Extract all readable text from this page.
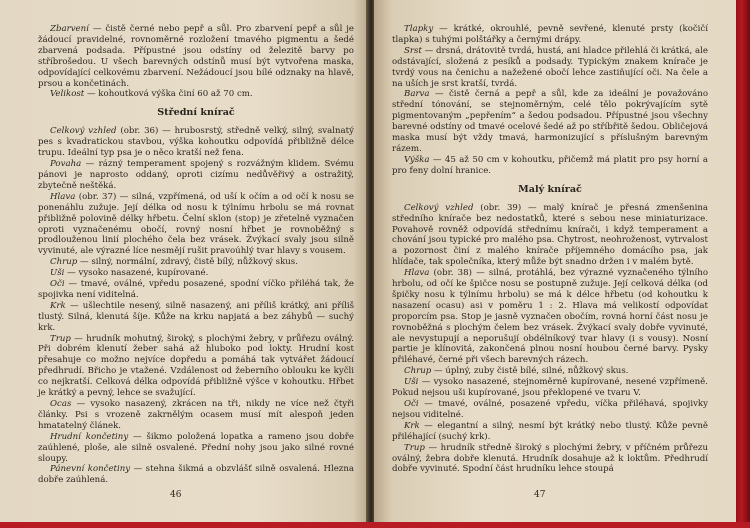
Zbarvení — čistě černé nebo pepř a sůl. Pro zbarvení pepř a sůl je žádoucí pravidelné, rovnoměrné rozložení tmavého pigmentu a šedé zbarvená podsada. Přípustné jsou odstíny od železitě barvy po stříbrošedou. U všech barevných odstínů musí být vytvořena maska, odpovídající celkovému zbarvení. Nežádoucí jsou bílé odznaky na hlavě, prsou a končetinách.

Velikost — kohoutková výška činí 60 až 70 cm.

Střední knírač

Celkový vzhled (obr. 36) — hrubosrstý, středně velký, silný, svalnatý pes s kvadratickou stavbou, výška kohoutku odpovídá přibližně délce trupu. Ideální typ psa je o něco kratší než fena.

Povaha — rázný temperament spojený s rozvážným klidem. Svému pánovi je naprosto oddaný, oproti cizímu nedůvěřivý a ostražitý, zbytečně neštěká.

Hlava (obr. 37) — silná, vzpřímená, od uší k očím a od očí k nosu se ponenáhlu zužuje. Její délka od nosu k týlnímu hrbolu se má rovnat přibližně polovině délky hřbetu. Čelní sklon (stop) je zřetelně vyznačen oproti vyznačenému obočí, rovný nosní hřbet je rovnoběžný s prodlouženou linií plochého čela bez vrásek. Žvýkací svaly jsou silně vyvinuté, ale výrazné líce nesmějí rušit pravoúhlý tvar hlavy s vousem.

Chrup — silný, normální, zdravý, čistě bílý, nůžkový skus.

Uši — vysoko nasazené, kupírované.

Oči — tmavé, oválné, vpředu posazené, spodní víčko přiléhá tak, že spojivka není viditelná.

Krk — ušlechtile nesený, silně nasazený, ani příliš krátký, ani příliš tlustý. Silná, klenutá šíje. Kůže na krku napjatá a bez záhybů — suchý krk.

Trup — hrudník mohutný, široký, s plochými žebry, v průřezu oválný. Při dobrém klenutí žeber sahá až hluboko pod lokty. Hrudní kost přesahuje co možno nejvíce dopředu a pomáhá tak vytvářet žádoucí předhrudí. Břicho je vtažené. Vzdálenost od žeberního oblouku ke kyčli co nejkratší. Celková délka odpovídá přibližně výšce v kohoutku. Hřbet je krátký a pevný, lehce se svažující.

Ocas — vysoko nasazený, zkrácen na tři, nikdy ne více než čtyři články. Psi s vrozeně zakrnělým ocasem musí mít alespoň jeden hmatatelný článek.

Hrudní končetiny — šikmo položená lopatka a rameno jsou dobře zaúhlené, ploše, ale silně osvalené. Přední nohy jsou jako silné rovné sloupy.

Pánevní končetiny — stehna šikmá a obzvlášť silně osvalená. Hlezna dobře zaúhlená.

46

Tlapky — krátké, okrouhlé, pevně sevřené, klenuté prsty (kočičí tlapka) s tuhými polštářky a černými drápy.

Srst — drsná, drátovitě tvrdá, hustá, ani hladce přilehlá či krátká, ale odstávající, složená z pesíků a podsady. Typickým znakem knírače je tvrdý vous na čenichu a nažežené obočí lehce zastiňující oči. Na čele a na uších je srst kratší, tvrdá.

Barva — čistě černá a pepř a sůl, kde za ideální je považováno střední tónování, se stejnoměrným, celé tělo pokrývajícím sytě pigmentovaným „pepřením“ a šedou podsadou. Přípustné jsou všechny barevné odstíny od tmavé ocelové šedé až po stříbřitě šedou. Obličejová maska musí být vždy tmavá, harmonizující s příslušným barevným rázem.

Výška — 45 až 50 cm v kohoutku, přičemž má platit pro psy horní a pro feny dolní hranice.

Malý knírač

Celkový vzhled (obr. 39) — malý knírač je přesná zmenšenina středního knírače bez nedostatků, které s sebou nese miniaturizace. Povahově rovněž odpovídá střednímu knírači, i když temperament a chování jsou typické pro malého psa. Chytrost, neohroženost, vytrvalost a pozornost činí z malého knírače příjemného domácího psa, jak hlídače, tak společníka, který může být snadno držen i v malém bytě.

Hlava (obr. 38) — silná, protáhlá, bez výrazné vyznačeného týlního hrbolu, od očí ke špičce nosu se postupně zužuje. Její celková délka (od špičky nosu k týlnímu hrbolu) se má k délce hřbetu (od kohoutku k nasazení ocasu) asi v poměru 1 : 2. Hlava má velikostí odpovídat proporcím psa. Stop je jasně vyznačen obočím, rovná horní část nosu je rovnoběžná s plochým čelem bez vrásek. Žvýkací svaly dobře vyvinuté, ale nevystupují a neporušují obdélníkový tvar hlavy (i s vousy). Nosní partie je klínovitá, zakončená plnou nosní houbou černé barvy. Pysky přiléhavé, černé při všech barevných rázech.

Chrup — úplný, zuby čistě bílé, silné, nůžkový skus.

Uši — vysoko nasazené, stejnoměrně kupírované, nesené vzpřímeně. Pokud nejsou uši kupírované, jsou překlopené ve tvaru V.

Oči — tmavé, oválné, posazené vpředu, víčka přiléhavá, spojivky nejsou viditelné.

Krk — elegantní a silný, nesmí být krátký nebo tlustý. Kůže pevně přiléhající (suchý krk).

Trup — hrudník středně široký s plochými žebry, v příčném průřezu oválný, žebra dobře klenutá. Hrudník dosahuje až k loktům. Předhrudí dobře vyvinuté. Spodní část hrudníku lehce stoupá

47
